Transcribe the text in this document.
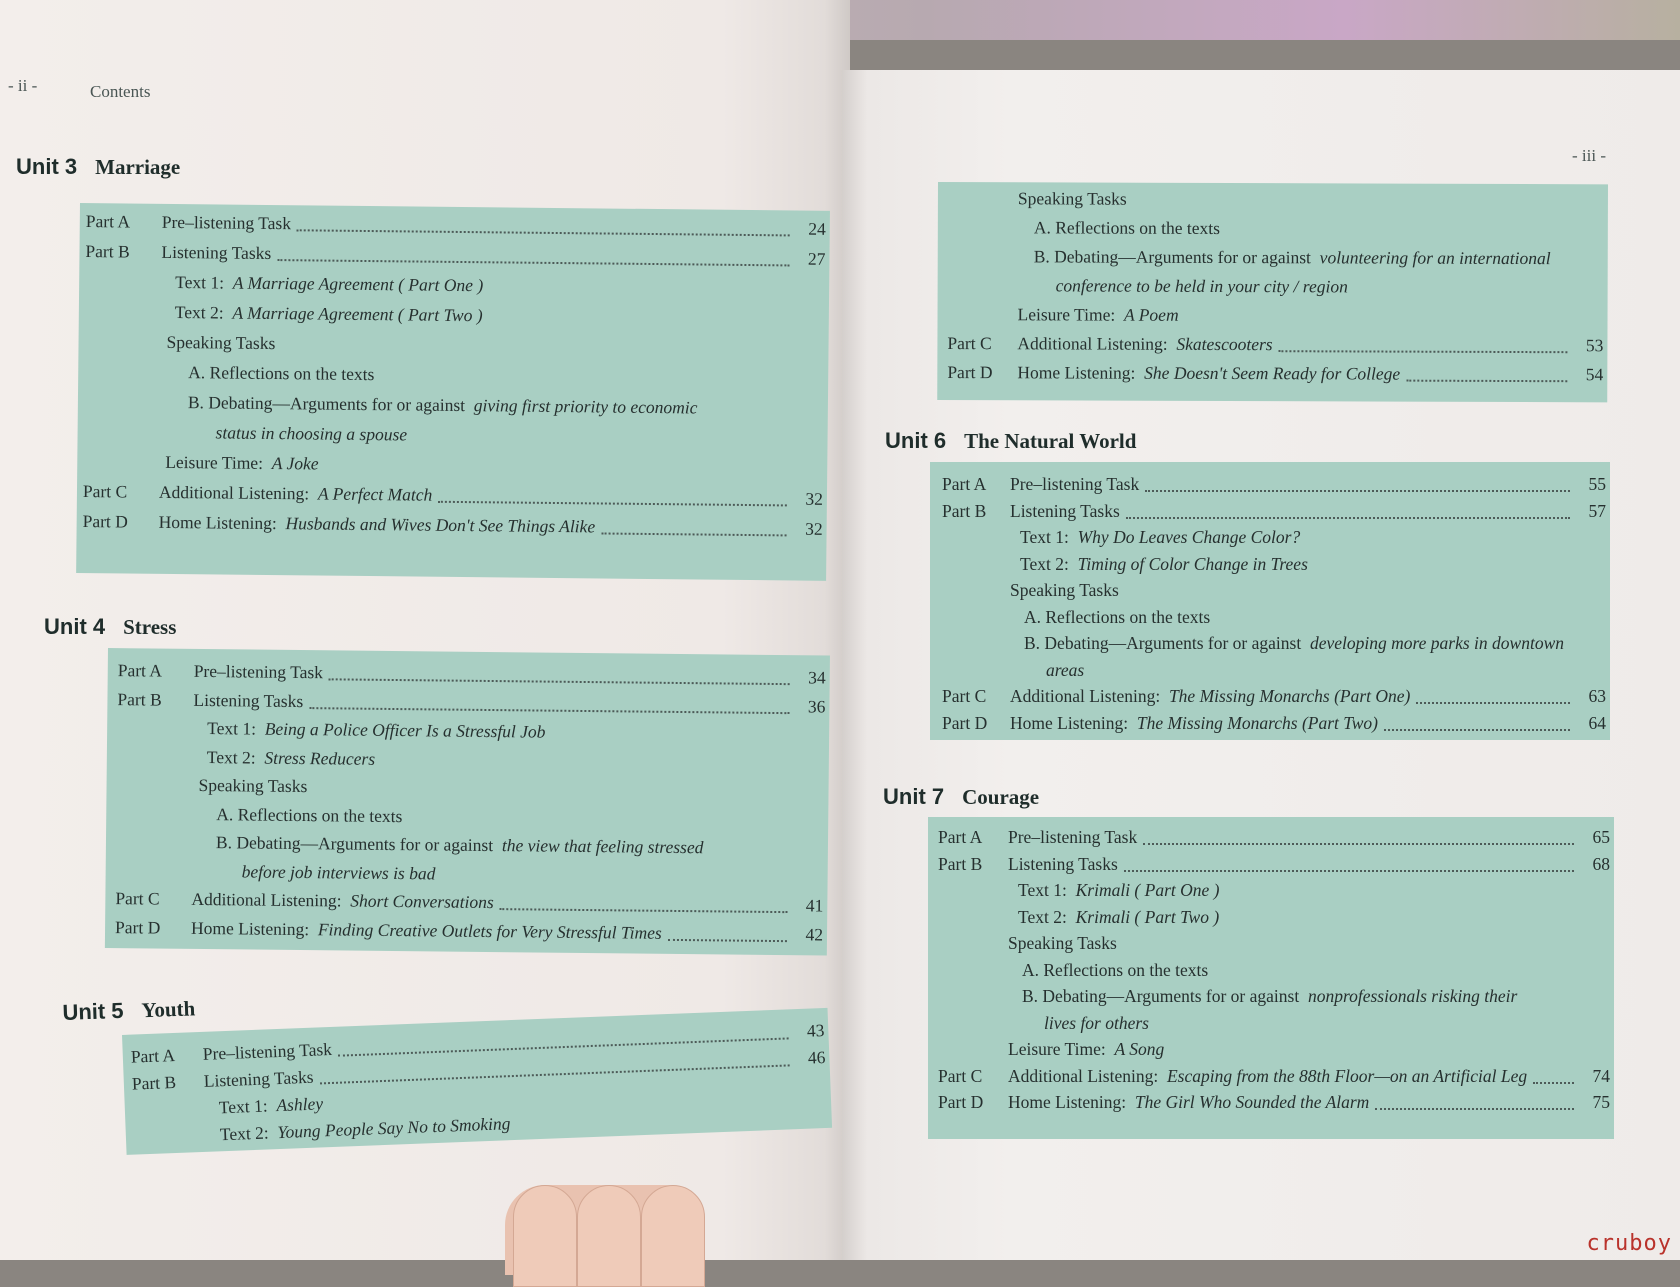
- ii -	Contents
Unit 3 Marriage
Part A Pre–listening Task	24
Part B Listening Tasks	27
Text 1: A Marriage Agreement ( Part One )
Text 2: A Marriage Agreement ( Part Two )
Speaking Tasks
A. Reflections on the texts
B. Debating—Arguments for or against giving first priority to economic
status in choosing a spouse
Leisure Time: A Joke
Part C Additional Listening: A Perfect Match	32
Part D Home Listening: Husbands and Wives Don't See Things Alike	32
Unit 4 Stress
Part A Pre–listening Task	34
Part B Listening Tasks	36
Text 1: Being a Police Officer Is a Stressful Job
Text 2: Stress Reducers
Speaking Tasks
A. Reflections on the texts
B. Debating—Arguments for or against the view that feeling stressed
before job interviews is bad
Part C Additional Listening: Short Conversations	41
Part D Home Listening: Finding Creative Outlets for Very Stressful Times	42
Unit 5 Youth
Part A Pre–listening Task
43
Part B Listening Tasks
46
Text 1: Ashley
Text 2: Young People Say No to Smoking
- iii -
Speaking Tasks
A. Reflections on the texts
B. Debating—Arguments for or against volunteering for an international
conference to be held in your city / region
Leisure Time: A Poem
Part C Additional Listening: Skatescooters	53
Part D Home Listening: She Doesn't Seem Ready for College	54
Unit 6 The Natural World
Part A Pre–listening Task	55
Part B Listening Tasks	57
Text 1: Why Do Leaves Change Color?
Text 2: Timing of Color Change in Trees
Speaking Tasks
A. Reflections on the texts
B. Debating—Arguments for or against developing more parks in downtown
areas
Part C Additional Listening: The Missing Monarchs (Part One)	63
Part D Home Listening: The Missing Monarchs (Part Two)	64
Unit 7 Courage
Part A Pre–listening Task	65
Part B Listening Tasks	68
Text 1: Krimali ( Part One )
Text 2: Krimali ( Part Two )
Speaking Tasks
A. Reflections on the texts
B. Debating—Arguments for or against nonprofessionals risking their
lives for others
Leisure Time: A Song
Part C Additional Listening: Escaping from the 88th Floor—on an Artificial Leg	74
Part D Home Listening: The Girl Who Sounded the Alarm	75
cruboy
